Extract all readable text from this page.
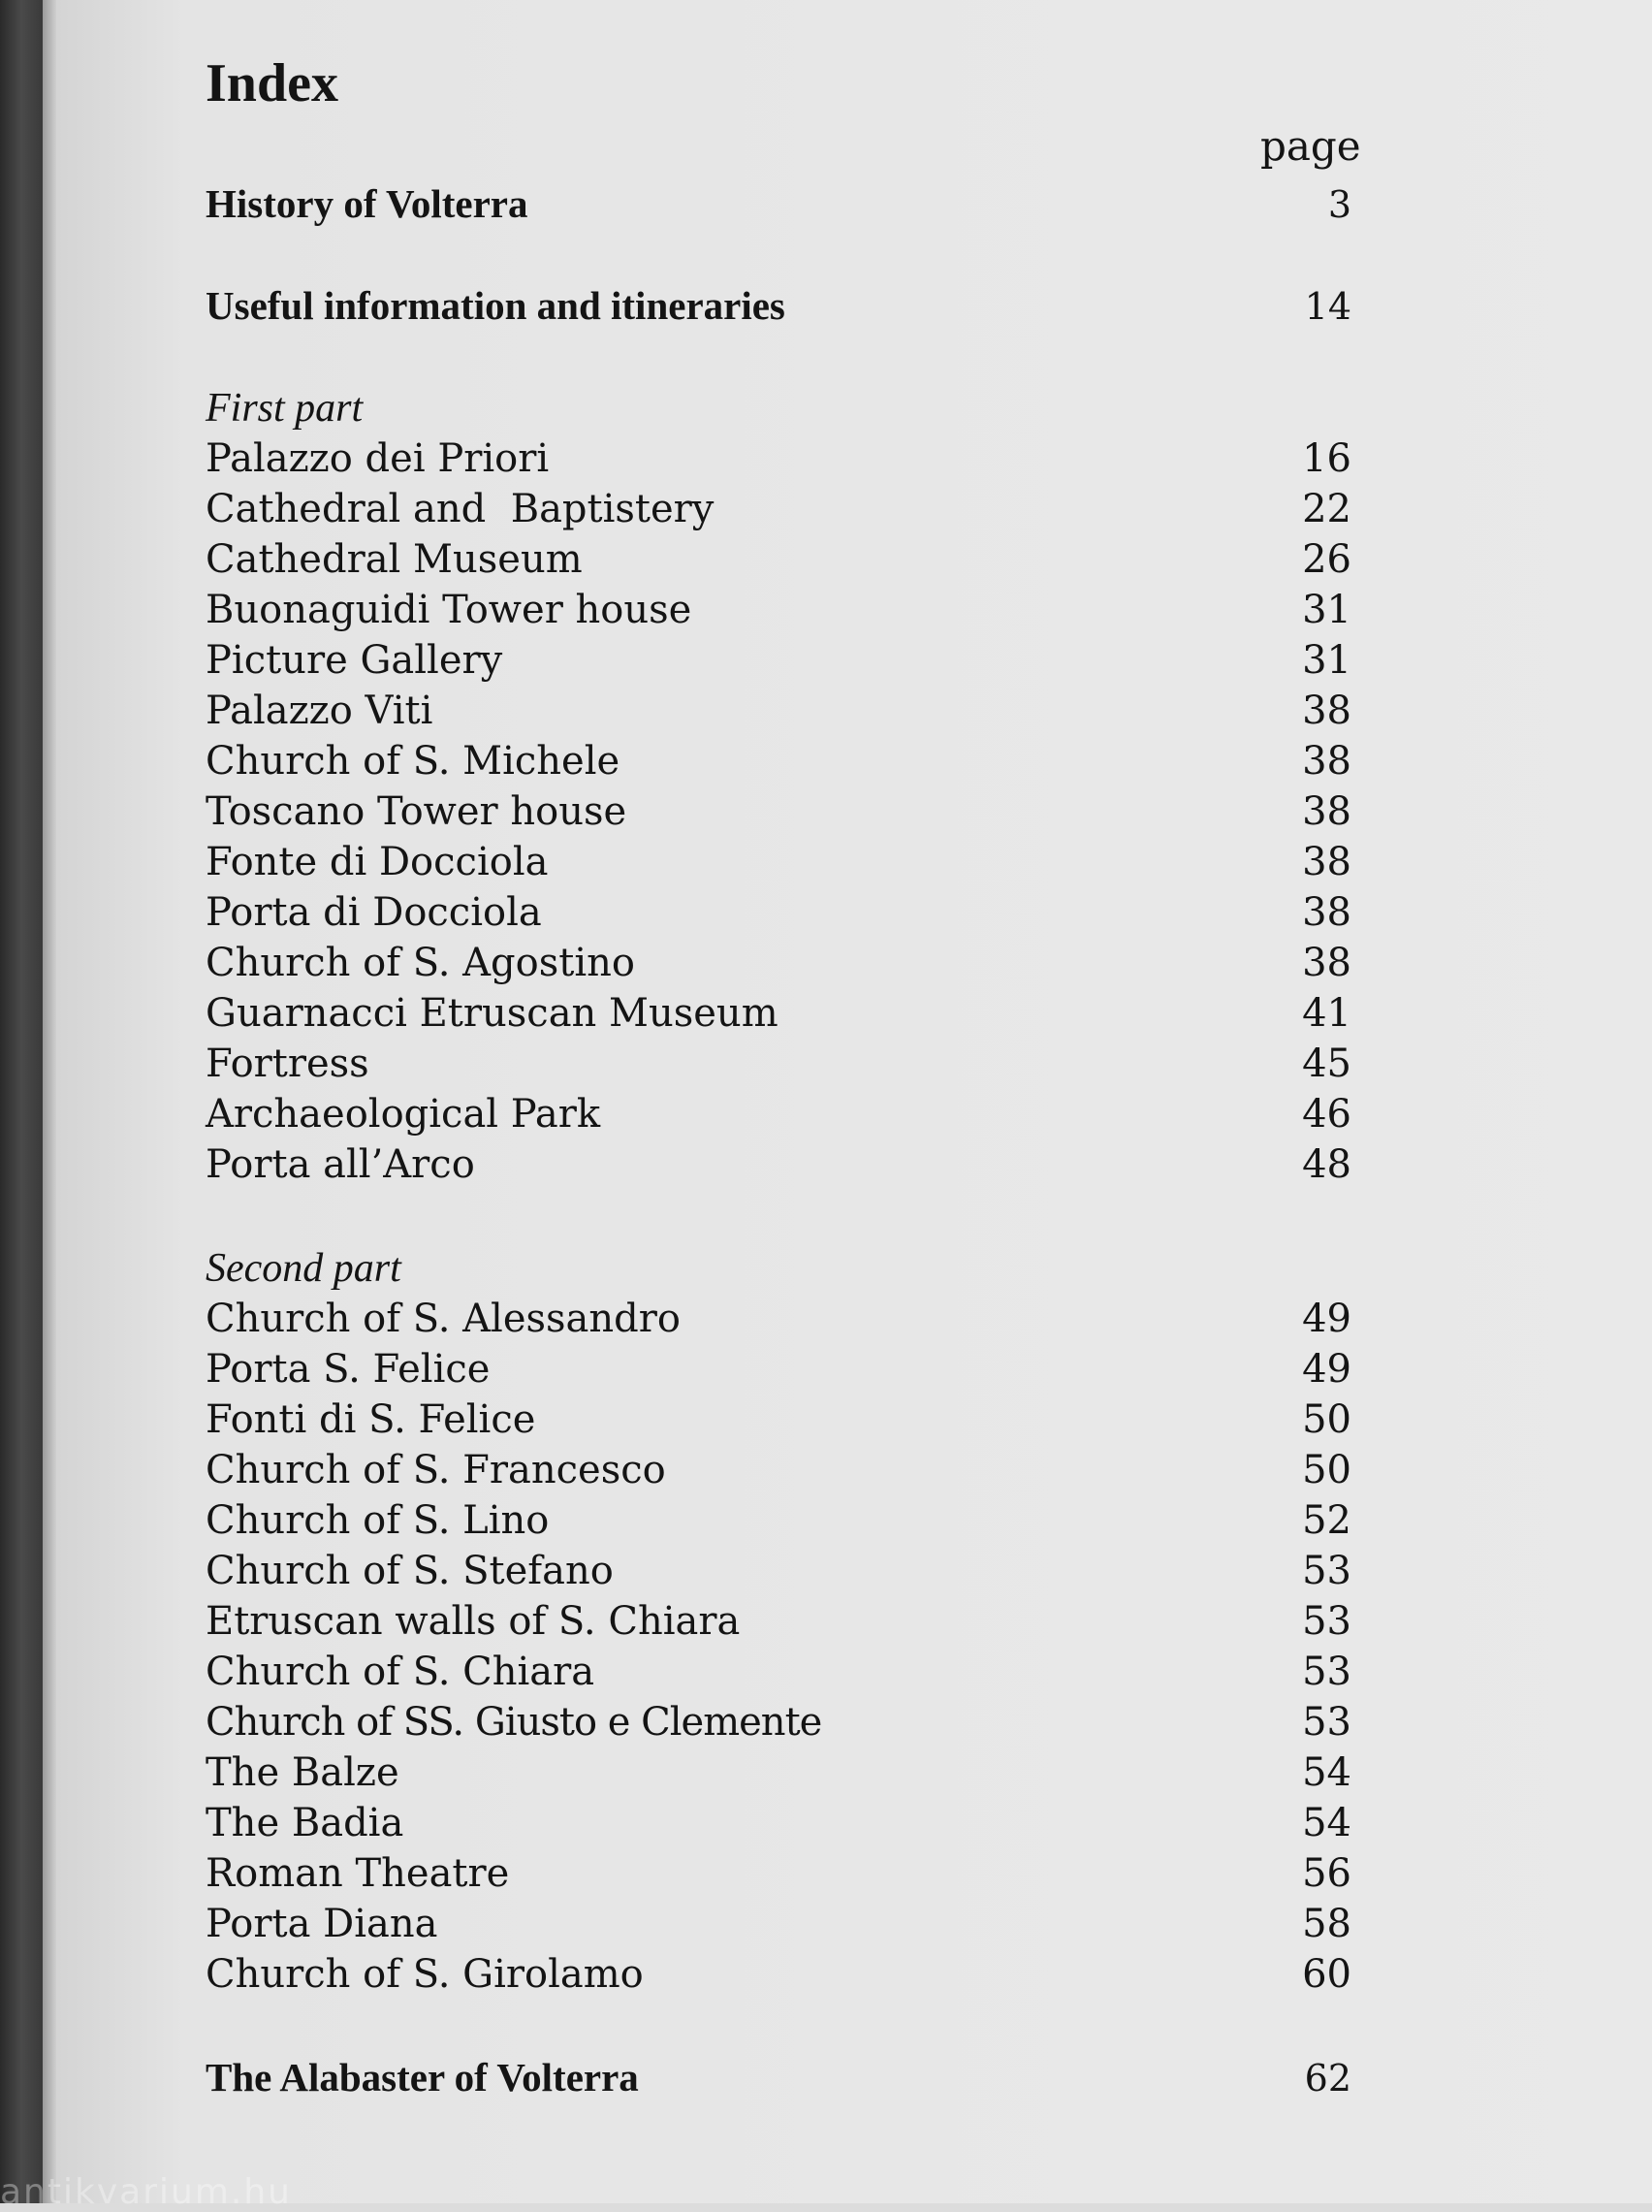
Index
page
History of Volterra	3
Useful information and itineraries	14
First part
Palazzo dei Priori	16
Cathedral and  Baptistery	22
Cathedral Museum	26
Buonaguidi Tower house	31
Picture Gallery	31
Palazzo Viti	38
Church of S. Michele	38
Toscano Tower house	38
Fonte di Docciola	38
Porta di Docciola	38
Church of S. Agostino	38
Guarnacci Etruscan Museum	41
Fortress	45
Archaeological Park	46
Porta all’Arco	48
Second part
Church of S. Alessandro	49
Porta S. Felice	49
Fonti di S. Felice	50
Church of S. Francesco	50
Church of S. Lino	52
Church of S. Stefano	53
Etruscan walls of S. Chiara	53
Church of S. Chiara	53
Church of SS. Giusto e Clemente	53
The Balze	54
The Badia	54
Roman Theatre	56
Porta Diana	58
Church of S. Girolamo	60
The Alabaster of Volterra	62
antikvarium.hu
